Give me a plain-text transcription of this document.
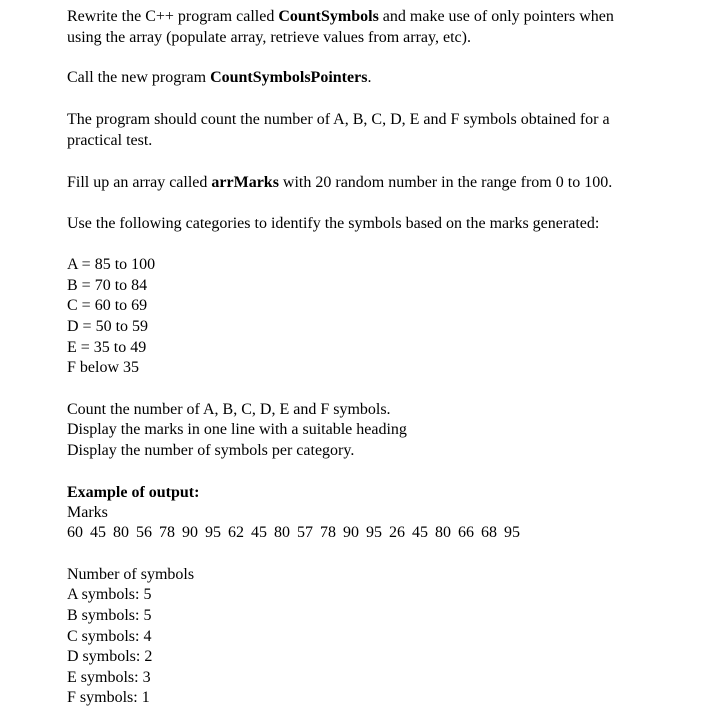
Rewrite the C++ program called CountSymbols and make use of only pointers when
using the array (populate array, retrieve values from array, etc).
Call the new program CountSymbolsPointers.
The program should count the number of A, B, C, D, E and F symbols obtained for a
practical test.
Fill up an array called arrMarks with 20 random number in the range from 0 to 100.
Use the following categories to identify the symbols based on the marks generated:
A = 85 to 100
B = 70 to 84
C = 60 to 69
D = 50 to 59
E = 35 to 49
F below 35
Count the number of A, B, C, D, E and F symbols.
Display the marks in one line with a suitable heading
Display the number of symbols per category.
Example of output:
Marks
60 45 80 56 78 90 95 62 45 80 57 78 90 95 26 45 80 66 68 95
Number of symbols
A symbols: 5
B symbols: 5
C symbols: 4
D symbols: 2
E symbols: 3
F symbols: 1
